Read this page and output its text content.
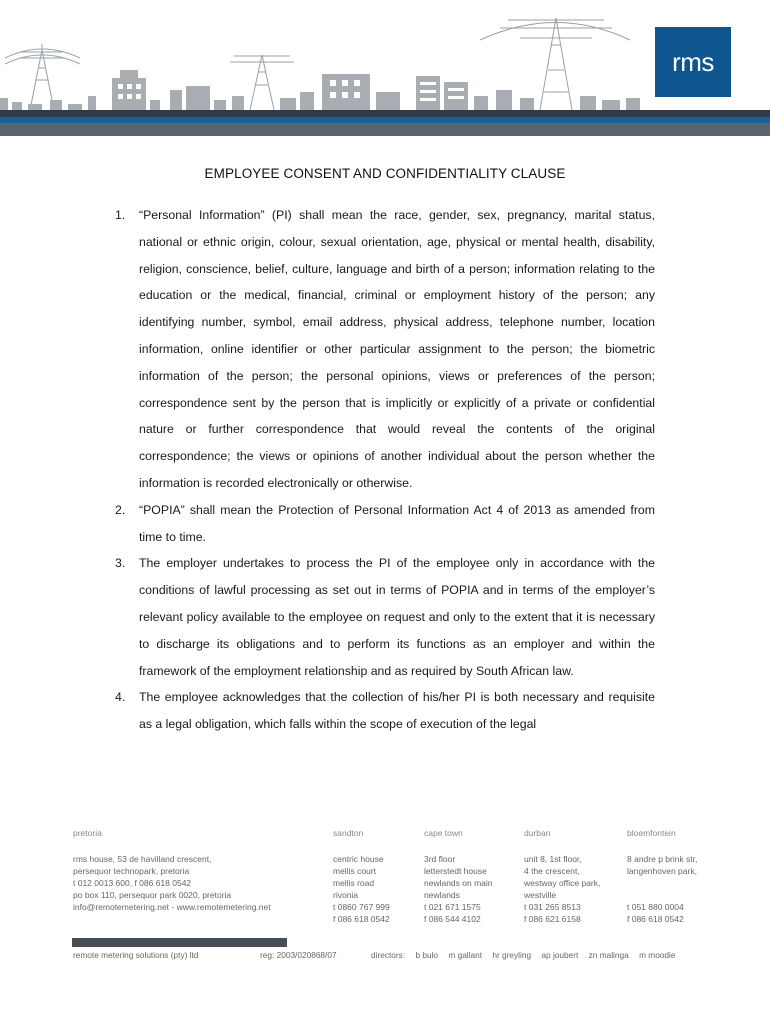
rms
EMPLOYEE CONSENT AND CONFIDENTIALITY CLAUSE
1. “Personal Information” (PI) shall mean the race, gender, sex, pregnancy, marital status, national or ethnic origin, colour, sexual orientation, age, physical or mental health, disability, religion, conscience, belief, culture, language and birth of a person; information relating to the education or the medical, financial, criminal or employment history of the person; any identifying number, symbol, email address, physical address, telephone number, location information, online identifier or other particular assignment to the person; the biometric information of the person; the personal opinions, views or preferences of the person; correspondence sent by the person that is implicitly or explicitly of a private or confidential nature or further correspondence that would reveal the contents of the original correspondence; the views or opinions of another individual about the person whether the information is recorded electronically or otherwise.
2. “POPIA” shall mean the Protection of Personal Information Act 4 of 2013 as amended from time to time.
3. The employer undertakes to process the PI of the employee only in accordance with the conditions of lawful processing as set out in terms of POPIA and in terms of the employer’s relevant policy available to the employee on request and only to the extent that it is necessary to discharge its obligations and to perform its functions as an employer and within the framework of the employment relationship and as required by South African law.
4. The employee acknowledges that the collection of his/her PI is both necessary and requisite as a legal obligation, which falls within the scope of execution of the legal
pretoria
rms house, 53 de havilland crescent,
persequor technopark, pretoria
t 012 0013 600, f 086 618 0542
po box 110, persequor park 0020, pretoria
info@remotemetering.net - www.remotemetering.net
sandton
centric house
mellis court
mellis road
rivonia
t 0860 767 999
f 086 618 0542
cape town
3rd floor
letterstedt house
newlands on main
newlands
t 021 671 1575
f 086 544 4102
durban
unit 8, 1st floor,
4 the crescent,
westway office park,
westville
t 031 265 8513
f 086 621 6158
bloemfontein
8 andre p brink str,
langenhoven park,

t 051 880 0004
f 086 618 0542
remote metering solutions (pty) ltd	reg: 2003/020868/07	directors: b bulo m gallant hr greyling ap joubert zn malinga m moodie
